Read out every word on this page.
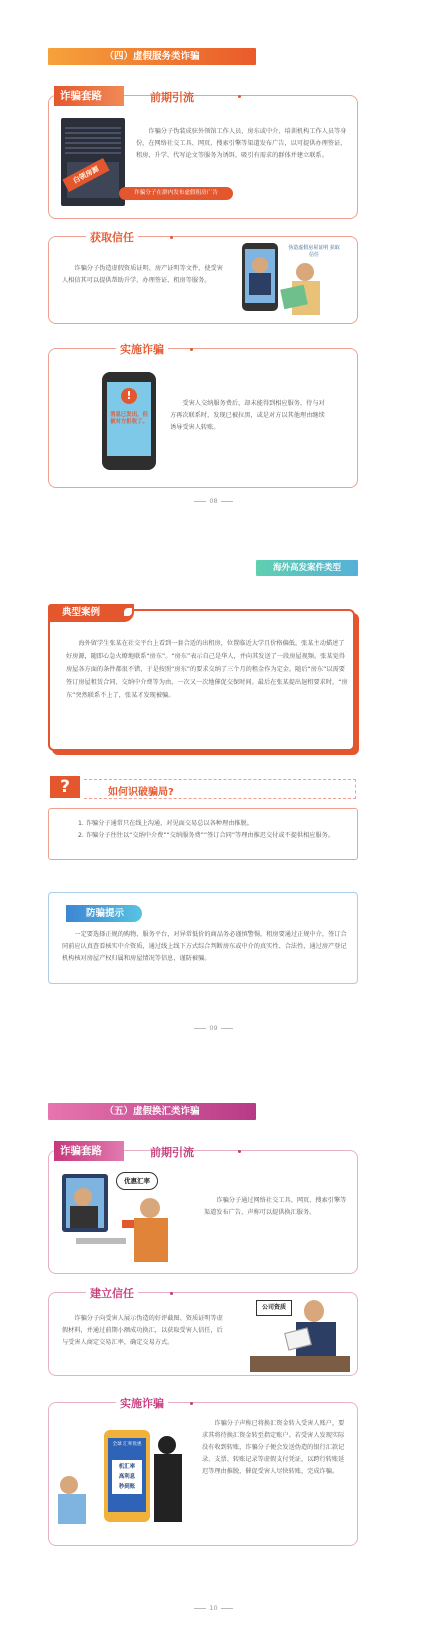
（四）虚假服务类诈骗
诈骗套路	前期引流
白领房源
诈骗分子伪装成驻外领馆工作人员、房东或中介、培训机构工作人员等身份，在网络社交工具、网页、搜索引擎等渠道发布广告，以可提供办理签证、租房、升学、代写论文等服务为诱饵，吸引有需求的群体并建立联系。
诈骗分子在群内发布虚假租房广告
获取信任
诈骗分子伪造虚假资质证明、房产证明等文件，使受害人相信其可以提供帮助升学、办理签证、租房等服务。
伪造虚假房屋证明 获取信任
实施诈骗
!
消息已发出，但被对方拒收了。
受害人交纳服务费后，却未能得到相应服务，待与对方再次联系时，发现已被拉黑，或是对方以其他理由继续诱导受害人转账。
08
海外高发案件类型
典型案例
海外留学生张某在社交平台上看到一套合适的出租房，位置临近大学且价格偏低，张某主动描述了好房源，随即心急火燎地联系“房东”。“房东”表示自己是华人，并向其发送了一段房屋视频。张某觉得房屋各方面的条件都很不错，于是按照“房东”的要求交纳了三个月的租金作为定金。随后“房东”以需要签订房屋租赁合同、交纳中介费等为由，一次又一次地催促交保时间。最后在张某提出退租要求时，“房东”突然联系不上了，张某才发现被骗。
?	如何识破骗局?
1. 诈骗分子通常只在线上沟通，对见面交易总以各种理由推脱。
2. 诈骗分子往往以“交纳中介费”“交纳服务费”“签订合同”等理由推迟交付或不提供相应服务。
防骗提示
一定要选择正规的购物、服务平台，对异常低价的商品务必谨慎警惕，租房要通过正规中介，签订合同前应认真查看核实中介资质，通过线上线下方式综合判断房东或中介的真实性、合法性，通过房产登记机构核对房屋产权归属和房屋情况等信息，谨防被骗。
09
（五）虚假换汇类诈骗
诈骗套路	前期引流
优惠汇率
诈骗分子通过网络社交工具、网页、搜索引擎等渠道发布广告，声称可以提供换汇服务。
建立信任
诈骗分子向受害人展示伪造的好评截图、资质证明等虚假材料，并通过前期小额成功换汇，以获取受害人信任，后与受害人商定交易汇率，确定交易方式。
公司资质
实施诈骗
全球 汇率优惠
机汇率
高利息
秒到账
诈骗分子声称已将换汇资金转入受害人账户，要求其将待换汇资金转至指定账户。若受害人发现实际没有收到转账，诈骗分子便会发送伪造的银行汇款记录、支票、转账记录等虚假支付凭证，以跨行转账延迟等理由推脱，催促受害人尽快转账，完成诈骗。
10
